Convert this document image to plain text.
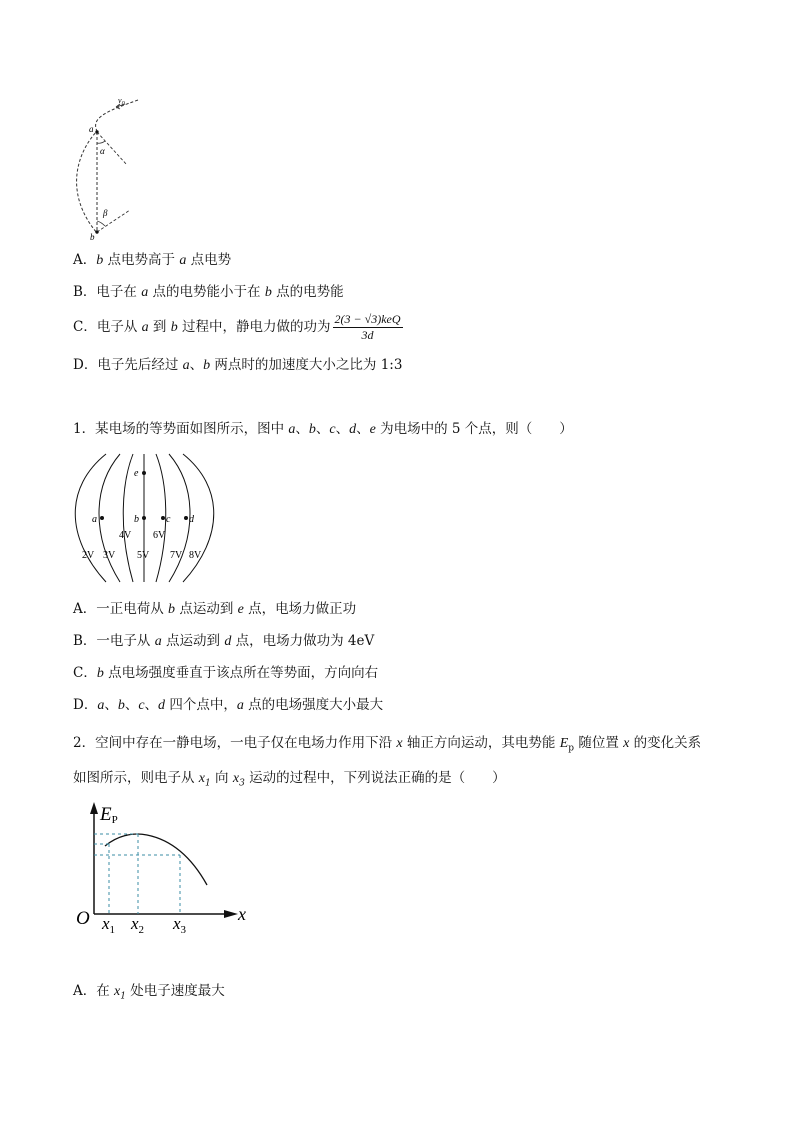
$v_0$
a
α
β
b
A．b 点电势高于 a 点电势
B．电子在 a 点的电势能小于在 b 点的电势能
C．电子从 a 到 b 过程中，静电力做的功为 $\frac{\text{2(3 − √3)keQ}}{3d}$
D．电子先后经过 a、b 两点时的加速度大小之比为 1:3
1．某电场的等势面如图所示，图中 a、b、c、d、e 为电场中的 5 个点，则（　　）
e
a	b	c d
4V 6V
2V 3V 5V 7V 8V
A．一正电荷从 b 点运动到 e 点，电场力做正功
B．一电子从 a 点运动到 d 点，电场力做功为 4eV
C．b 点电场强度垂直于该点所在等势面，方向向右
D．a、b、c、d 四个点中，a 点的电场强度大小最大
2．空间中存在一静电场，一电子仅在电场力作用下沿 x 轴正方向运动，其电势能 $E_p$ 随位置 x 的变化关系
如图所示，则电子从 $x_1$ 向 $x_3$ 运动的过程中，下列说法正确的是（　　）
EP
O	x
$x_1$ $x_2$ $x_3$
A．在 $x_1$ 处电子速度最大
